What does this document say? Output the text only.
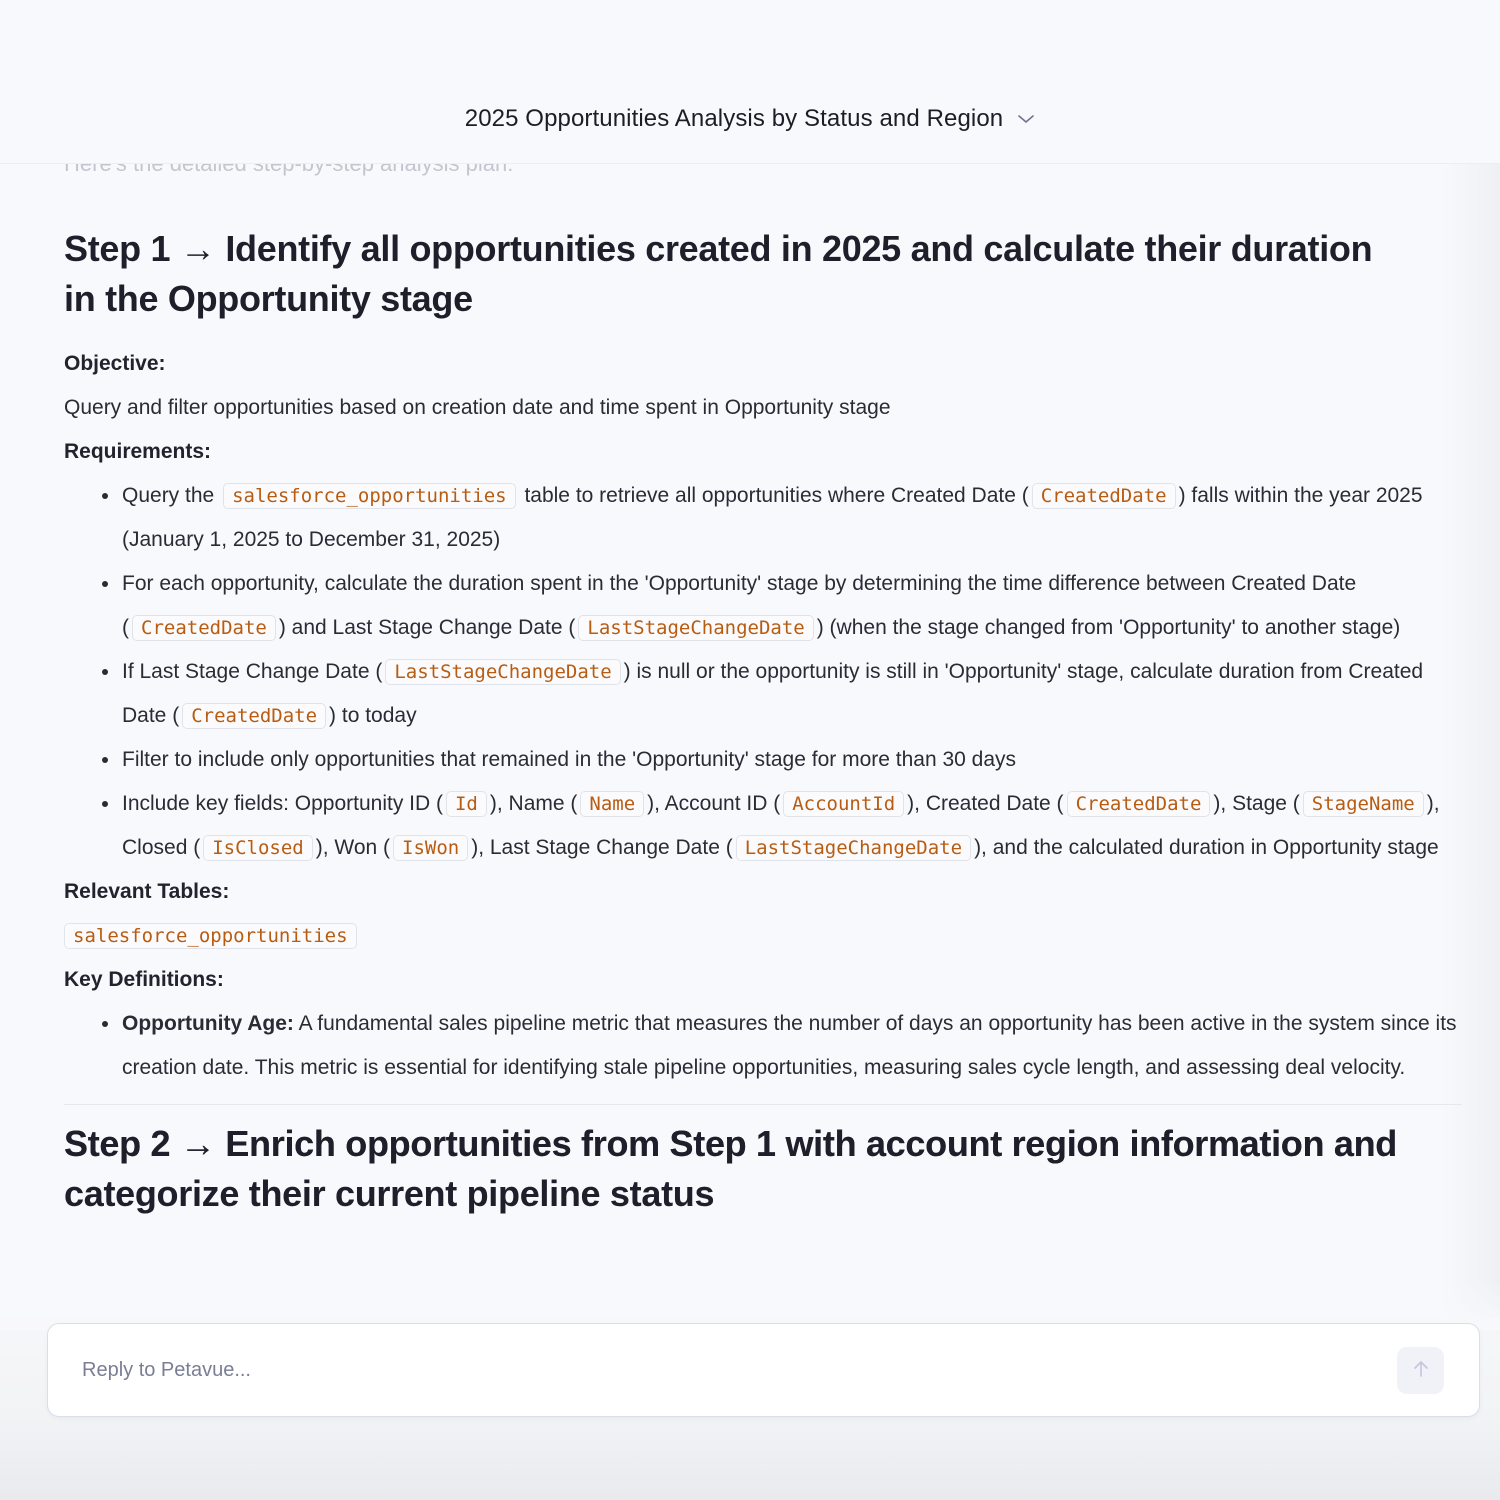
2025 Opportunities Analysis by Status and Region
Step 1 → Identify all opportunities created in 2025 and calculate their duration
in the Opportunity stage
Objective:
Query and filter opportunities based on creation date and time spent in Opportunity stage
Requirements:
Query the salesforce_opportunities table to retrieve all opportunities where Created Date ( CreatedDate ) falls within the year 2025 (January 1, 2025 to December 31, 2025)
For each opportunity, calculate the duration spent in the 'Opportunity' stage by determining the time difference between Created Date ( CreatedDate ) and Last Stage Change Date ( LastStageChangeDate ) (when the stage changed from 'Opportunity' to another stage)
If Last Stage Change Date ( LastStageChangeDate ) is null or the opportunity is still in 'Opportunity' stage, calculate duration from Created Date ( CreatedDate ) to today
Filter to include only opportunities that remained in the 'Opportunity' stage for more than 30 days
Include key fields: Opportunity ID ( Id ), Name ( Name ), Account ID ( AccountId ), Created Date ( CreatedDate ), Stage ( StageName ), Closed ( IsClosed ), Won ( IsWon ), Last Stage Change Date ( LastStageChangeDate ), and the calculated duration in Opportunity stage
Relevant Tables:
salesforce_opportunities
Key Definitions:
Opportunity Age: A fundamental sales pipeline metric that measures the number of days an opportunity has been active in the system since its creation date. This metric is essential for identifying stale pipeline opportunities, measuring sales cycle length, and assessing deal velocity.
Step 2 → Enrich opportunities from Step 1 with account region information and
categorize their current pipeline status
Reply to Petavue...
